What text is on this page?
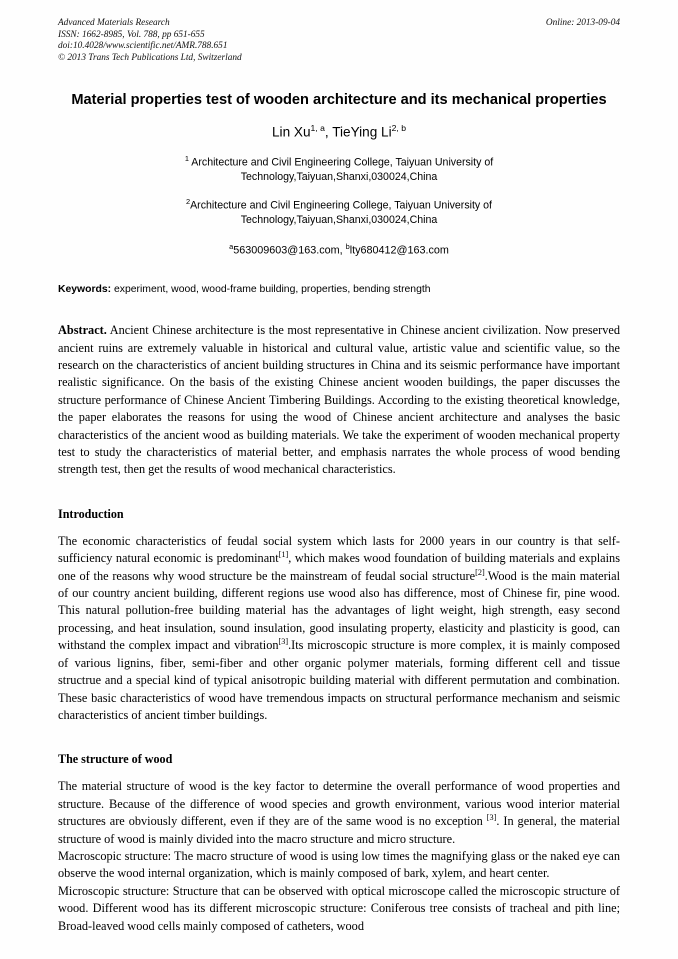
Advanced Materials Research
ISSN: 1662-8985, Vol. 788, pp 651-655
doi:10.4028/www.scientific.net/AMR.788.651
© 2013 Trans Tech Publications Ltd, Switzerland
Online: 2013-09-04
Material properties test of wooden architecture and its mechanical properties
Lin Xu$^{1, a}$, TieYing Li$^{2, b}$
$^1$ Architecture and Civil Engineering College, Taiyuan University of Technology,Taiyuan,Shanxi,030024,China
$^2$Architecture and Civil Engineering College, Taiyuan University of Technology,Taiyuan,Shanxi,030024,China
$^a$563009603@163.com, $^b$lty680412@163.com
Keywords: experiment, wood, wood-frame building, properties, bending strength
Abstract. Ancient Chinese architecture is the most representative in Chinese ancient civilization. Now preserved ancient ruins are extremely valuable in historical and cultural value, artistic value and scientific value, so the research on the characteristics of ancient building structures in China and its seismic performance have important realistic significance. On the basis of the existing Chinese ancient wooden buildings, the paper discusses the structure performance of Chinese Ancient Timbering Buildings. According to the existing theoretical knowledge, the paper elaborates the reasons for using the wood of Chinese ancient architecture and analyses the basic characteristics of the ancient wood as building materials. We take the experiment of wooden mechanical property test to study the characteristics of material better, and emphasis narrates the whole process of wood bending strength test, then get the results of wood mechanical characteristics.
Introduction

The economic characteristics of feudal social system which lasts for 2000 years in our country is that self-sufficiency natural economic is predominant[1], which makes wood foundation of building materials and explains one of the reasons why wood structure be the mainstream of feudal social structure[2].Wood is the main material of our country ancient building, different regions use wood also has difference, most of Chinese fir, pine wood. This natural pollution-free building material has the advantages of light weight, high strength, easy second processing, and heat insulation, sound insulation, good insulating property, elasticity and plasticity is good, can withstand the complex impact and vibration[3].Its microscopic structure is more complex, it is mainly composed of various lignins, fiber, semi-fiber and other organic polymer materials, forming different cell and tissue structrue and a special kind of typical anisotropic building material with different permutation and combination. These basic characteristics of wood have tremendous impacts on structural performance mechanism and seismic characteristics of ancient timber buildings.

The structure of wood

The material structure of wood is the key factor to determine the overall performance of wood properties and structure. Because of the difference of wood species and growth environment, various wood interior material structures are obviously different, even if they are of the same wood is no exception [3]. In general, the material structure of wood is mainly divided into the macro structure and micro structure.

Macroscopic structure: The macro structure of wood is using low times the magnifying glass or the naked eye can observe the wood internal organization, which is mainly composed of bark, xylem, and heart center.

Microscopic structure: Structure that can be observed with optical microscope called the microscopic structure of wood. Different wood has its different microscopic structure: Coniferous tree consists of tracheal and pith line; Broad-leaved wood cells mainly composed of catheters, wood
